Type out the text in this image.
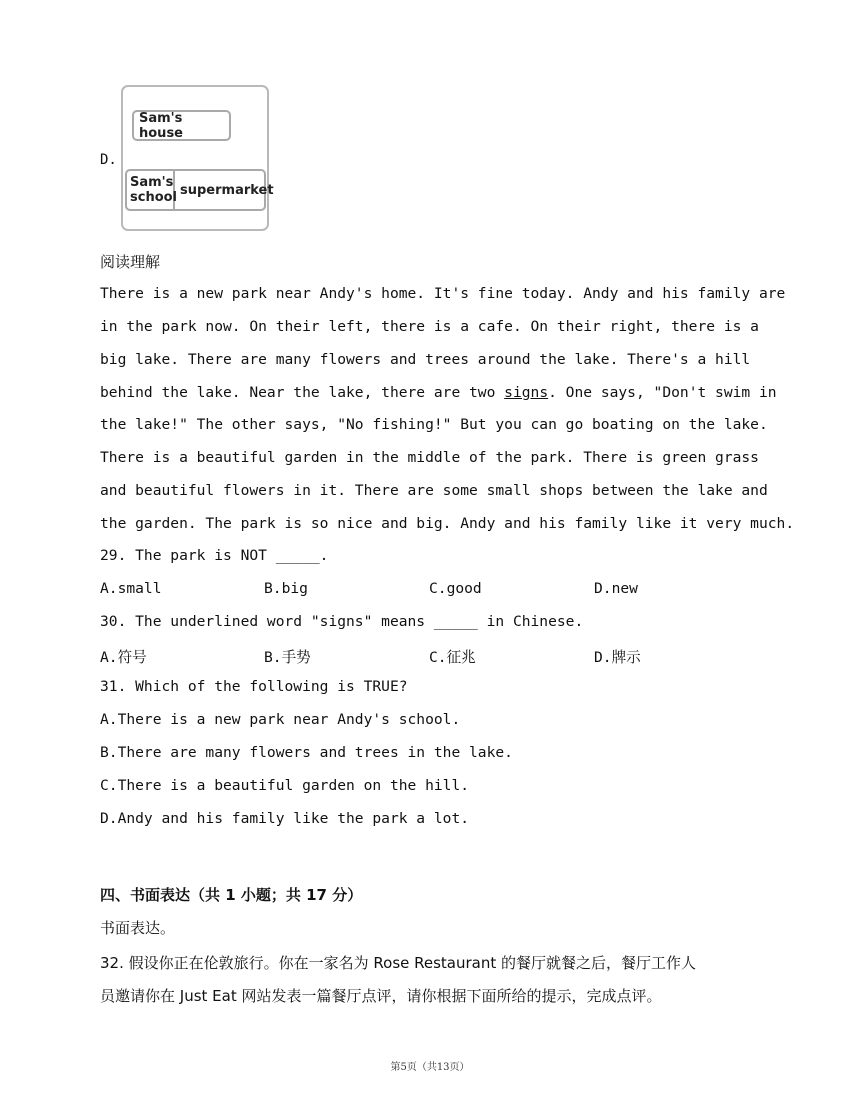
D.
Sam's house
Sam's
school supermarket
阅读理解
There is a new park near Andy's home. It's fine today. Andy and his family are
in the park now. On their left, there is a cafe. On their right, there is a
big lake. There are many flowers and trees around the lake. There's a hill
behind the lake. Near the lake, there are two signs. One says, "Don't swim in
the lake!" The other says, "No fishing!" But you can go boating on the lake.
There is a beautiful garden in the middle of the park. There is green grass
and beautiful flowers in it. There are some small shops between the lake and
the garden. The park is so nice and big. Andy and his family like it very much.
29. The park is NOT _____.
A.small	B.big	C.good	D.new
30. The underlined word "signs" means _____ in Chinese.
A.符号	B.手势	C.征兆	D.牌示
31. Which of the following is TRUE?
A.There is a new park near Andy's school.
B.There are many flowers and trees in the lake.
C.There is a beautiful garden on the hill.
D.Andy and his family like the park a lot.
四、书面表达（共 1 小题；共 17 分）
书面表达。
32. 假设你正在伦敦旅行。你在一家名为 Rose Restaurant 的餐厅就餐之后，餐厅工作人
员邀请你在 Just Eat 网站发表一篇餐厅点评，请你根据下面所给的提示，完成点评。
第5页（共13页）
